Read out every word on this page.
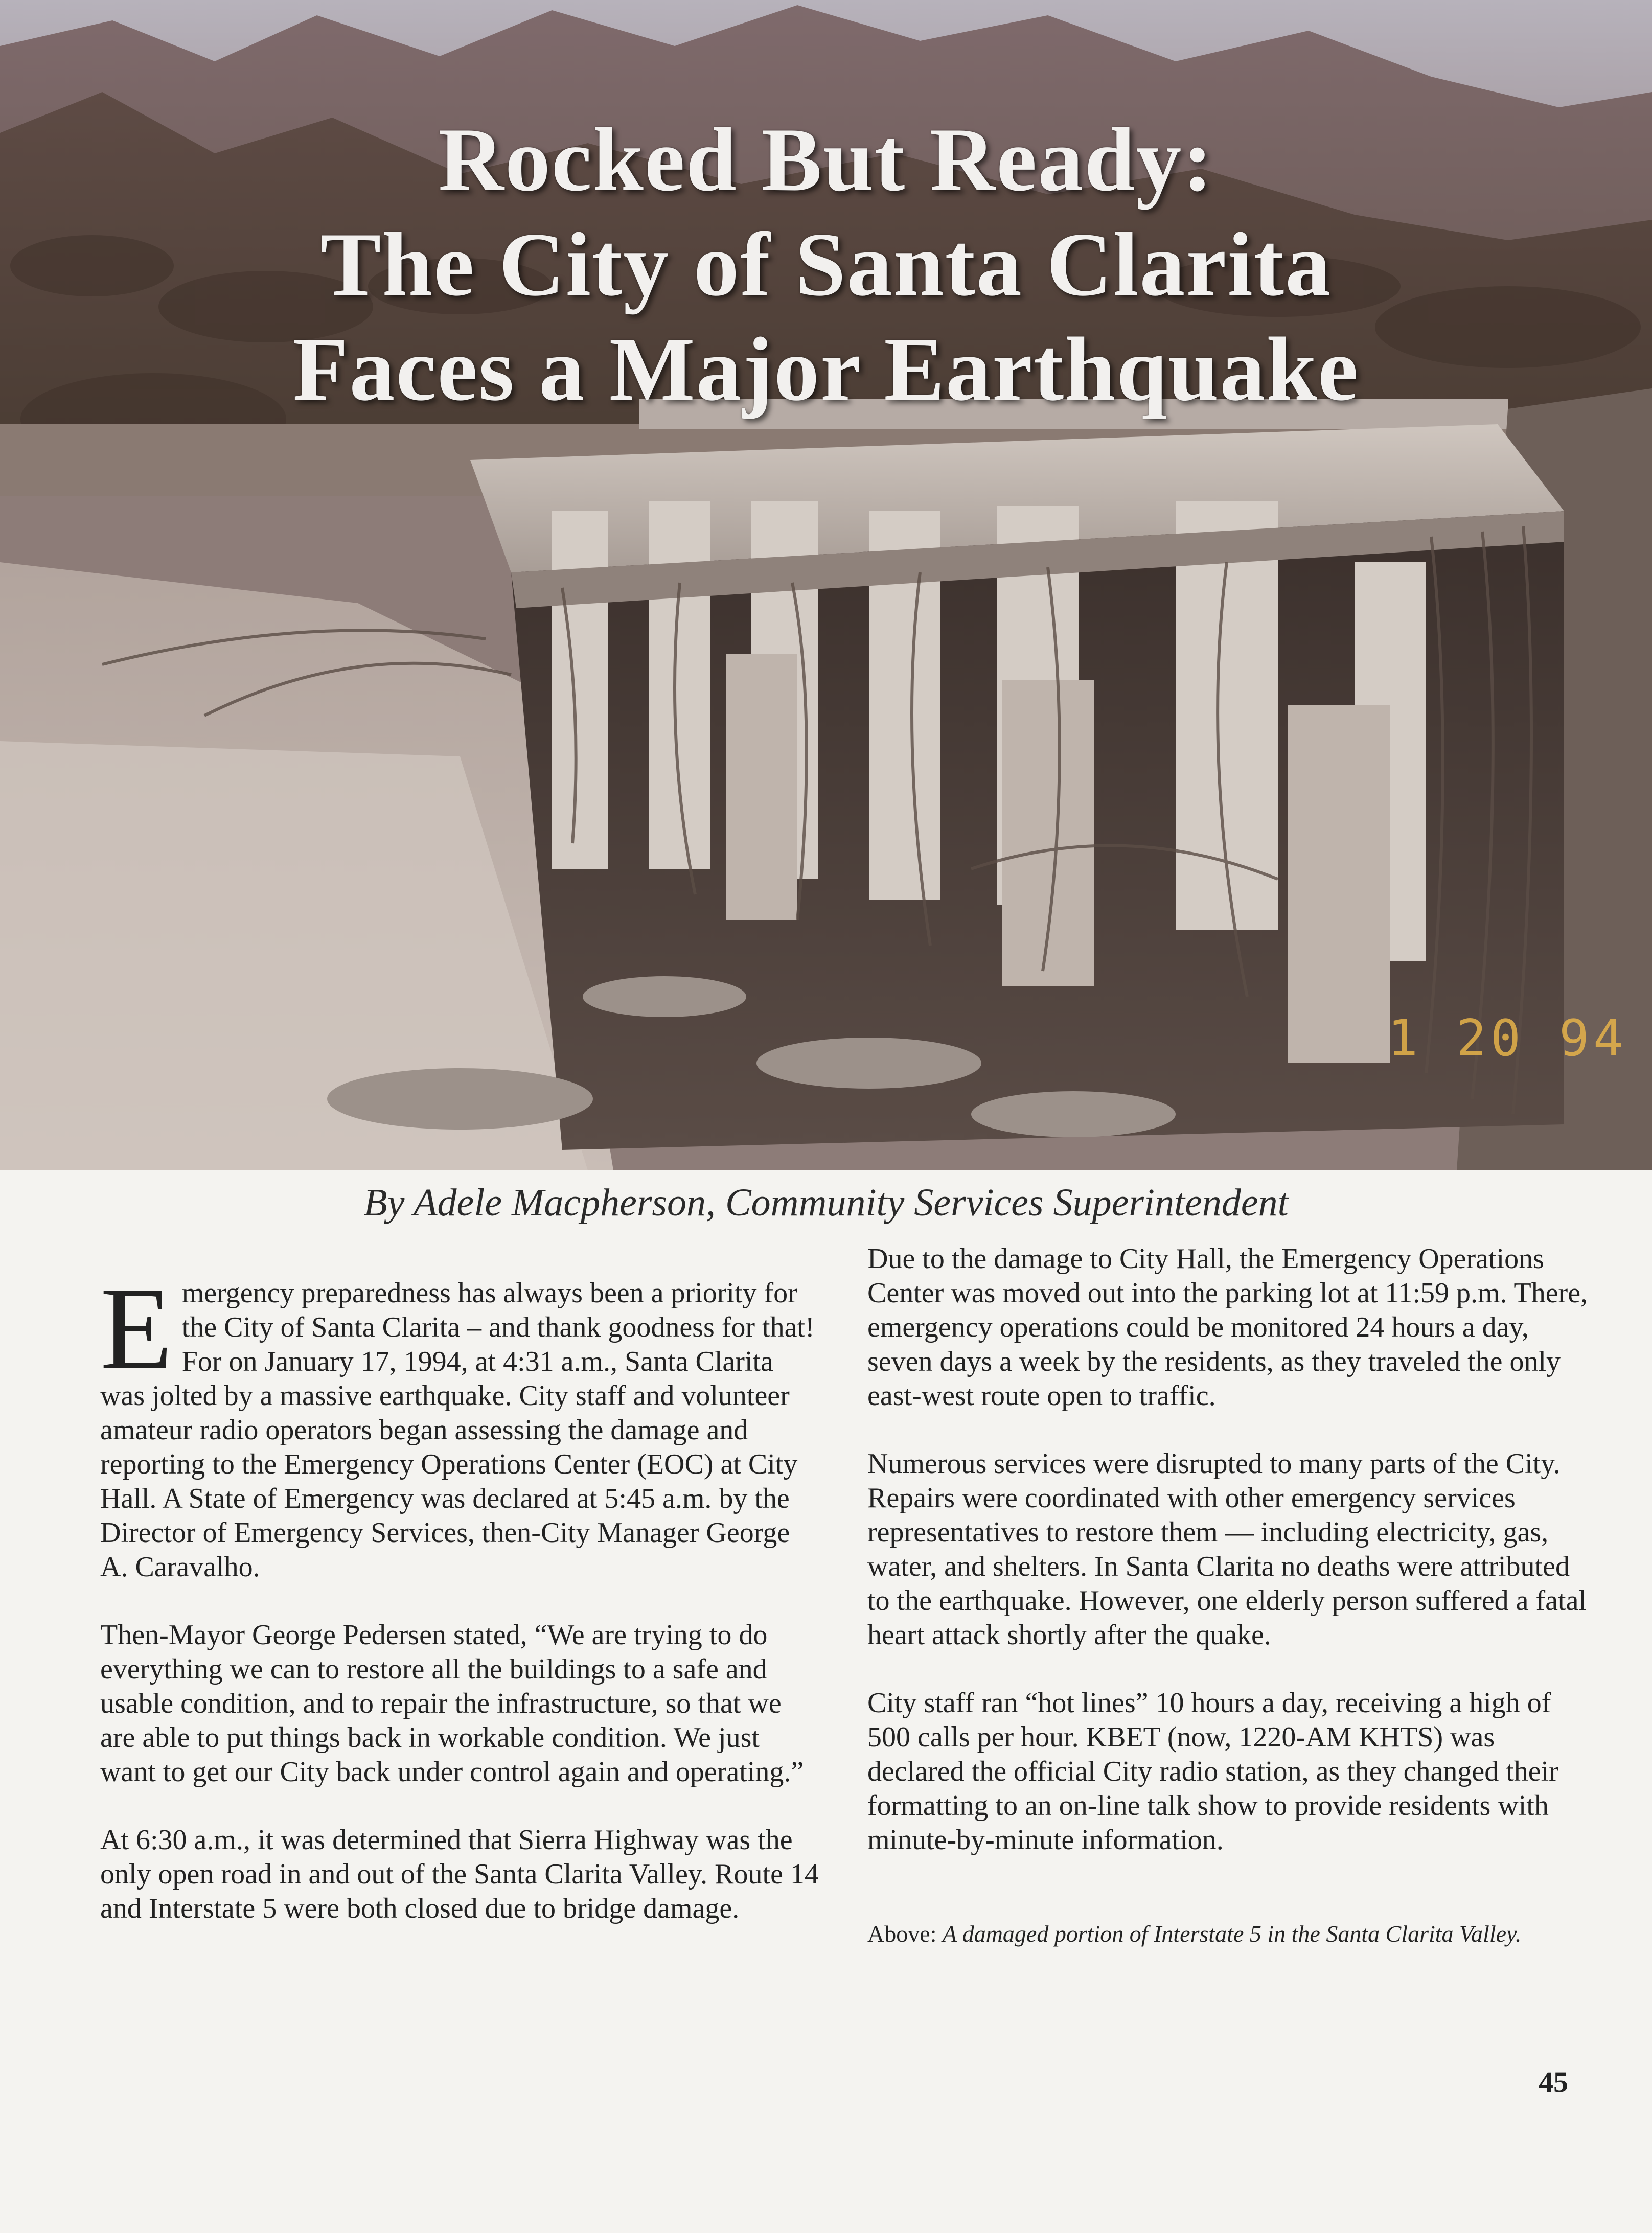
Rocked But Ready:
The City of Santa Clarita
Faces a Major Earthquake
1 20 94
By Adele Macpherson, Community Services Superintendent

Emergency preparedness has always been a priority for the City of Santa Clarita – and thank goodness for that! For on January 17, 1994, at 4:31 a.m., Santa Clarita was jolted by a massive earthquake. City staff and volunteer amateur radio operators began assessing the damage and reporting to the Emergency Operations Center (EOC) at City Hall. A State of Emergency was declared at 5:45 a.m. by the Director of Emergency Services, then-City Manager George A. Caravalho.

Then-Mayor George Pedersen stated, “We are trying to do everything we can to restore all the buildings to a safe and usable condition, and to repair the infrastructure, so that we are able to put things back in workable condition. We just want to get our City back under control again and operating.”

At 6:30 a.m., it was determined that Sierra Highway was the only open road in and out of the Santa Clarita Valley. Route 14 and Interstate 5 were both closed due to bridge damage.

Due to the damage to City Hall, the Emergency Operations Center was moved out into the parking lot at 11:59 p.m. There, emergency operations could be monitored 24 hours a day, seven days a week by the residents, as they traveled the only east-west route open to traffic.

Numerous services were disrupted to many parts of the City. Repairs were coordinated with other emergency services representatives to restore them — including electricity, gas, water, and shelters. In Santa Clarita no deaths were attributed to the earthquake. However, one elderly person suffered a fatal heart attack shortly after the quake.

City staff ran “hot lines” 10 hours a day, receiving a high of 500 calls per hour. KBET (now, 1220-AM KHTS) was declared the official City radio station, as they changed their formatting to an on-line talk show to provide residents with minute-by-minute information.

Above: A damaged portion of Interstate 5 in the Santa Clarita Valley.

45
